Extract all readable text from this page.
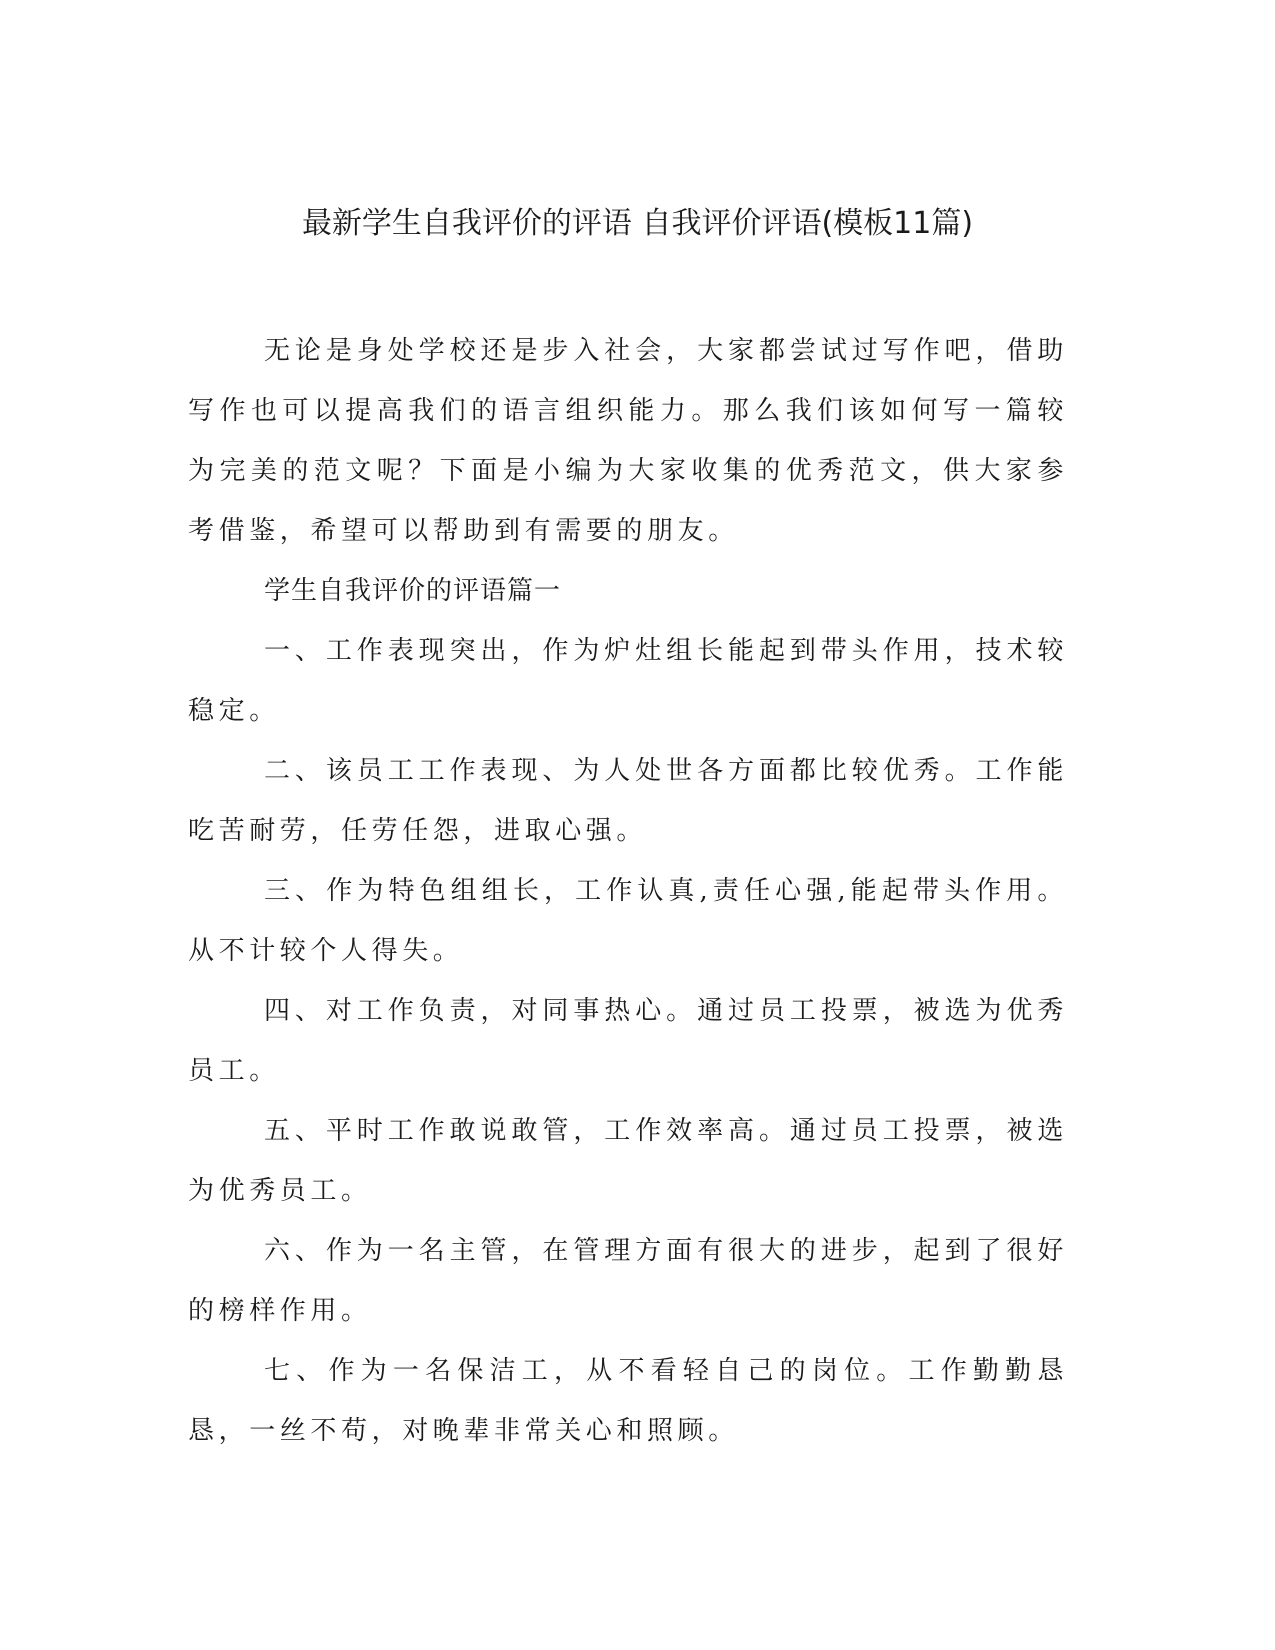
最新学生自我评价的评语 自我评价评语(模板11篇)

无论是身处学校还是步入社会，大家都尝试过写作吧，借助写作也可以提高我们的语言组织能力。那么我们该如何写一篇较为完美的范文呢？下面是小编为大家收集的优秀范文，供大家参考借鉴，希望可以帮助到有需要的朋友。

学生自我评价的评语篇一

一、工作表现突出，作为炉灶组长能起到带头作用，技术较稳定。

二、该员工工作表现、为人处世各方面都比较优秀。工作能吃苦耐劳，任劳任怨，进取心强。

三、作为特色组组长，工作认真,责任心强,能起带头作用。从不计较个人得失。

四、对工作负责，对同事热心。通过员工投票，被选为优秀员工。

五、平时工作敢说敢管，工作效率高。通过员工投票，被选为优秀员工。

六、作为一名主管，在管理方面有很大的进步，起到了很好的榜样作用。

七、作为一名保洁工，从不看轻自己的岗位。工作勤勤恳恳，一丝不苟，对晚辈非常关心和照顾。
